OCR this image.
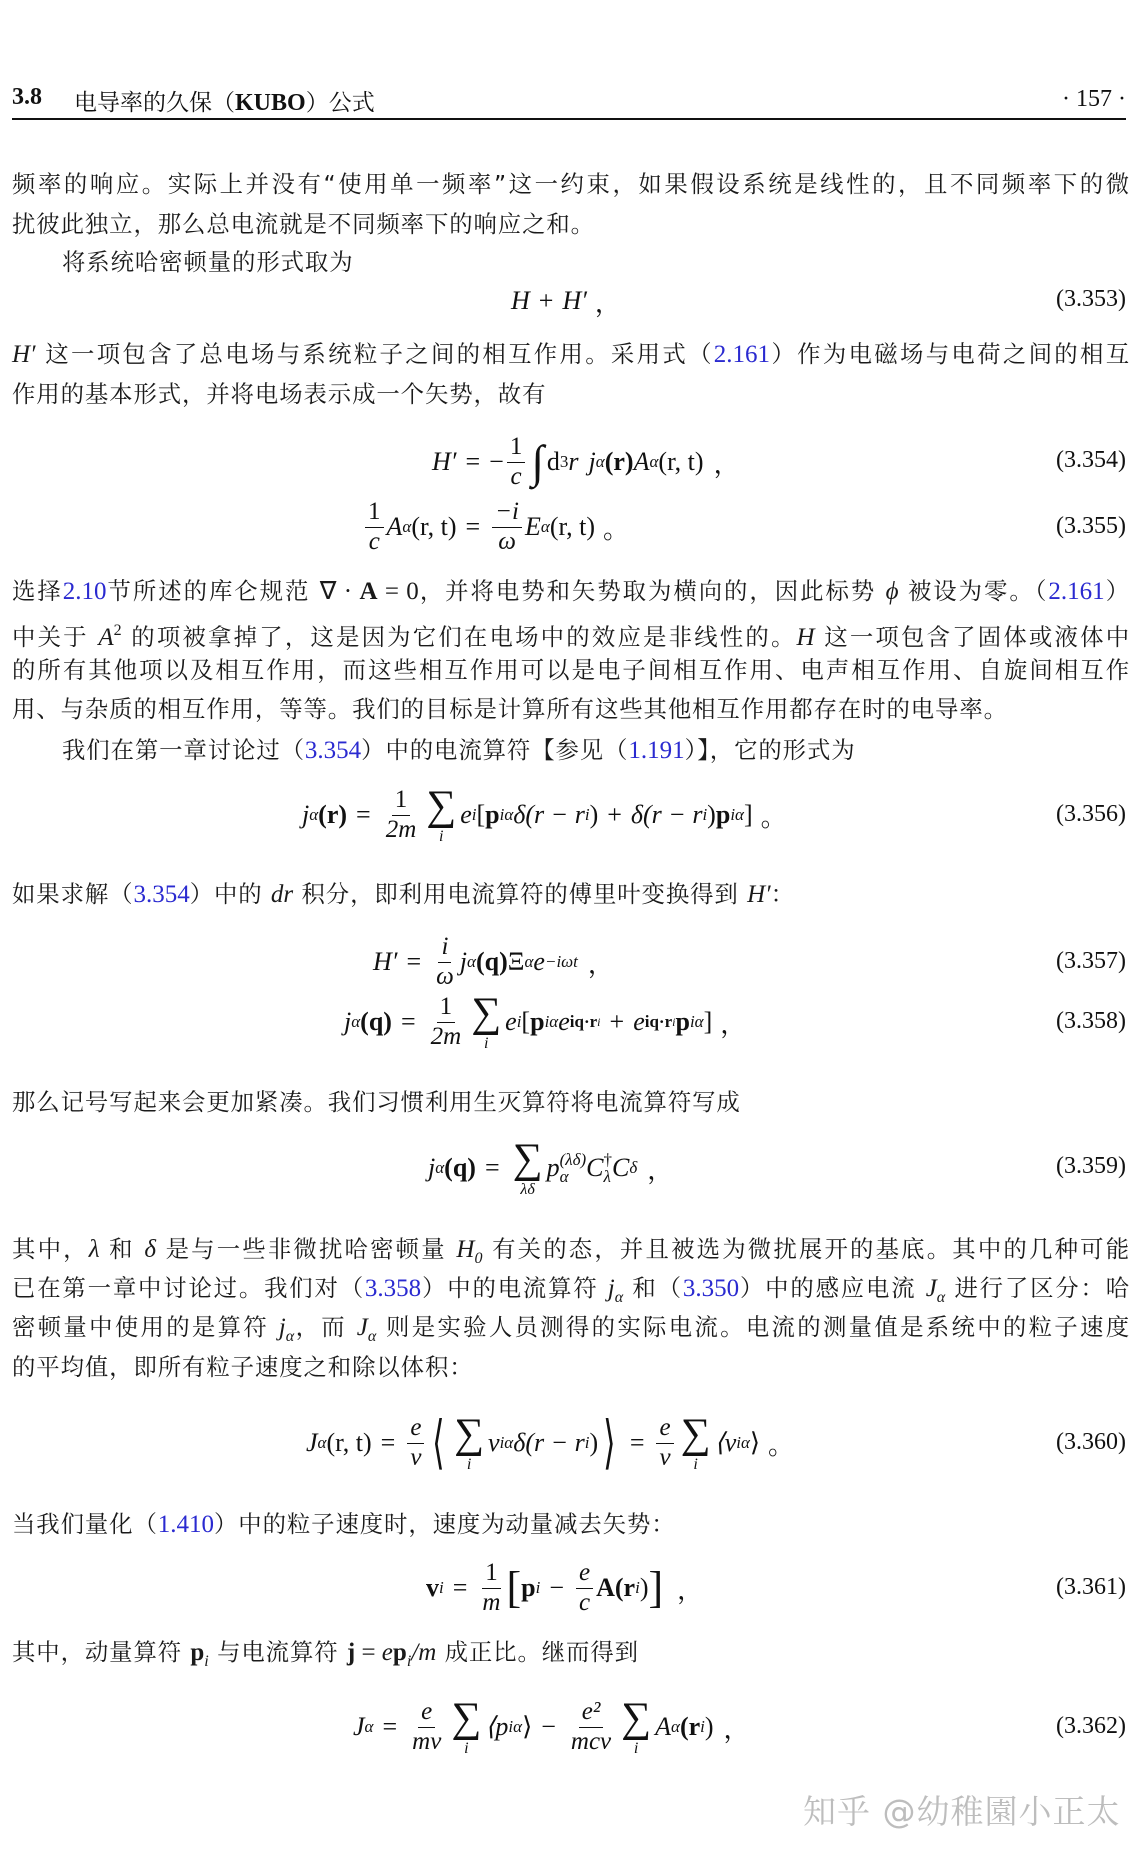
3.8 电导率的久保（KUBO）公式	· 157 ·
频率的响应。实际上并没有“使用单一频率”这一约束，如果假设系统是线性的，且不同频率下的微
扰彼此独立，那么总电流就是不同频率下的响应之和。
将系统哈密顿量的形式取为
H′ 这一项包含了总电场与系统粒子之间的相互作用。采用式（2.161）作为电磁场与电荷之间的相互
作用的基本形式，并将电场表示成一个矢势，故有
选择2.10节所述的库仑规范 ∇ · A = 0，并将电势和矢势取为横向的，因此标势 ϕ 被设为零。（2.161）
中关于 $A^2$ 的项被拿掉了，这是因为它们在电场中的效应是非线性的。H 这一项包含了固体或液体中
的所有其他项以及相互作用，而这些相互作用可以是电子间相互作用、电声相互作用、自旋间相互作
用、与杂质的相互作用，等等。我们的目标是计算所有这些其他相互作用都存在时的电导率。
我们在第一章讨论过（3.354）中的电流算符【参见（1.191）】，它的形式为
如果求解（3.354）中的 dr 积分，即利用电流算符的傅里叶变换得到 H′：
那么记号写起来会更加紧凑。我们习惯利用生灭算符将电流算符写成
其中，λ 和 δ 是与一些非微扰哈密顿量 $H_0$ 有关的态，并且被选为微扰展开的基底。其中的几种可能
已在第一章中讨论过。我们对（3.358）中的电流算符 $j_\alpha$ 和（3.350）中的感应电流 $J_\alpha$ 进行了区分：哈
密顿量中使用的是算符 $j_\alpha$，而 $J_\alpha$ 则是实验人员测得的实际电流。电流的测量值是系统中的粒子速度
的平均值，即所有粒子速度之和除以体积：
当我们量化（1.410）中的粒子速度时，速度为动量减去矢势：
其中，动量算符 $p_i$ 与电流算符 $j = ep_i/m$ 成正比。继而得到
H + H′ ，	(3.353)
H′ = − $\frac{1}{c}$ ∫ d 3 r j α (r) A α (r, t) ，	(3.354)
$\frac{1}{c}$ A α (r, $t) = \frac{-i}{\omega}$ E α (r, t) 。	(3.355)
j α $(r) = \frac{1}{2m}$ ∑
i
e i [ p iα δ(r − r i ) + δ(r − r i ) p iα ] 。	(3.356)
$H' = \frac{i}{\omega}$ j α (q) Ξ α e −iωt ，	(3.357)
j α $(q) = \frac{1}{2m}$ ∑
i
e i [ p iα e iq·r i + e iq·r i p iα ] ，	(3.358)
j α (q) = ∑
λδ
p (λδ)
α C †
λ C δ ，	(3.359)
J α (r, $t) = \frac{e}{\nu}$ ⟨ ∑
i
v iα δ(r − r i ) ⟩ = $\frac{e}{\nu}$ ∑
i
⟨v iα ⟩ 。	(3.360)
v $i = \frac{1}{m}$ [ p $i - \frac{e}{c}$ A (r i ) ] ，	(3.361)
J $\alpha = \frac{e}{m\nu}$ ∑
i
⟨p iα ⟩ − $\frac{\text{e²}}{\text{mcν}}$ ∑
i
A α (r i ) ，	(3.362)
知乎 @幼稚園小正太
